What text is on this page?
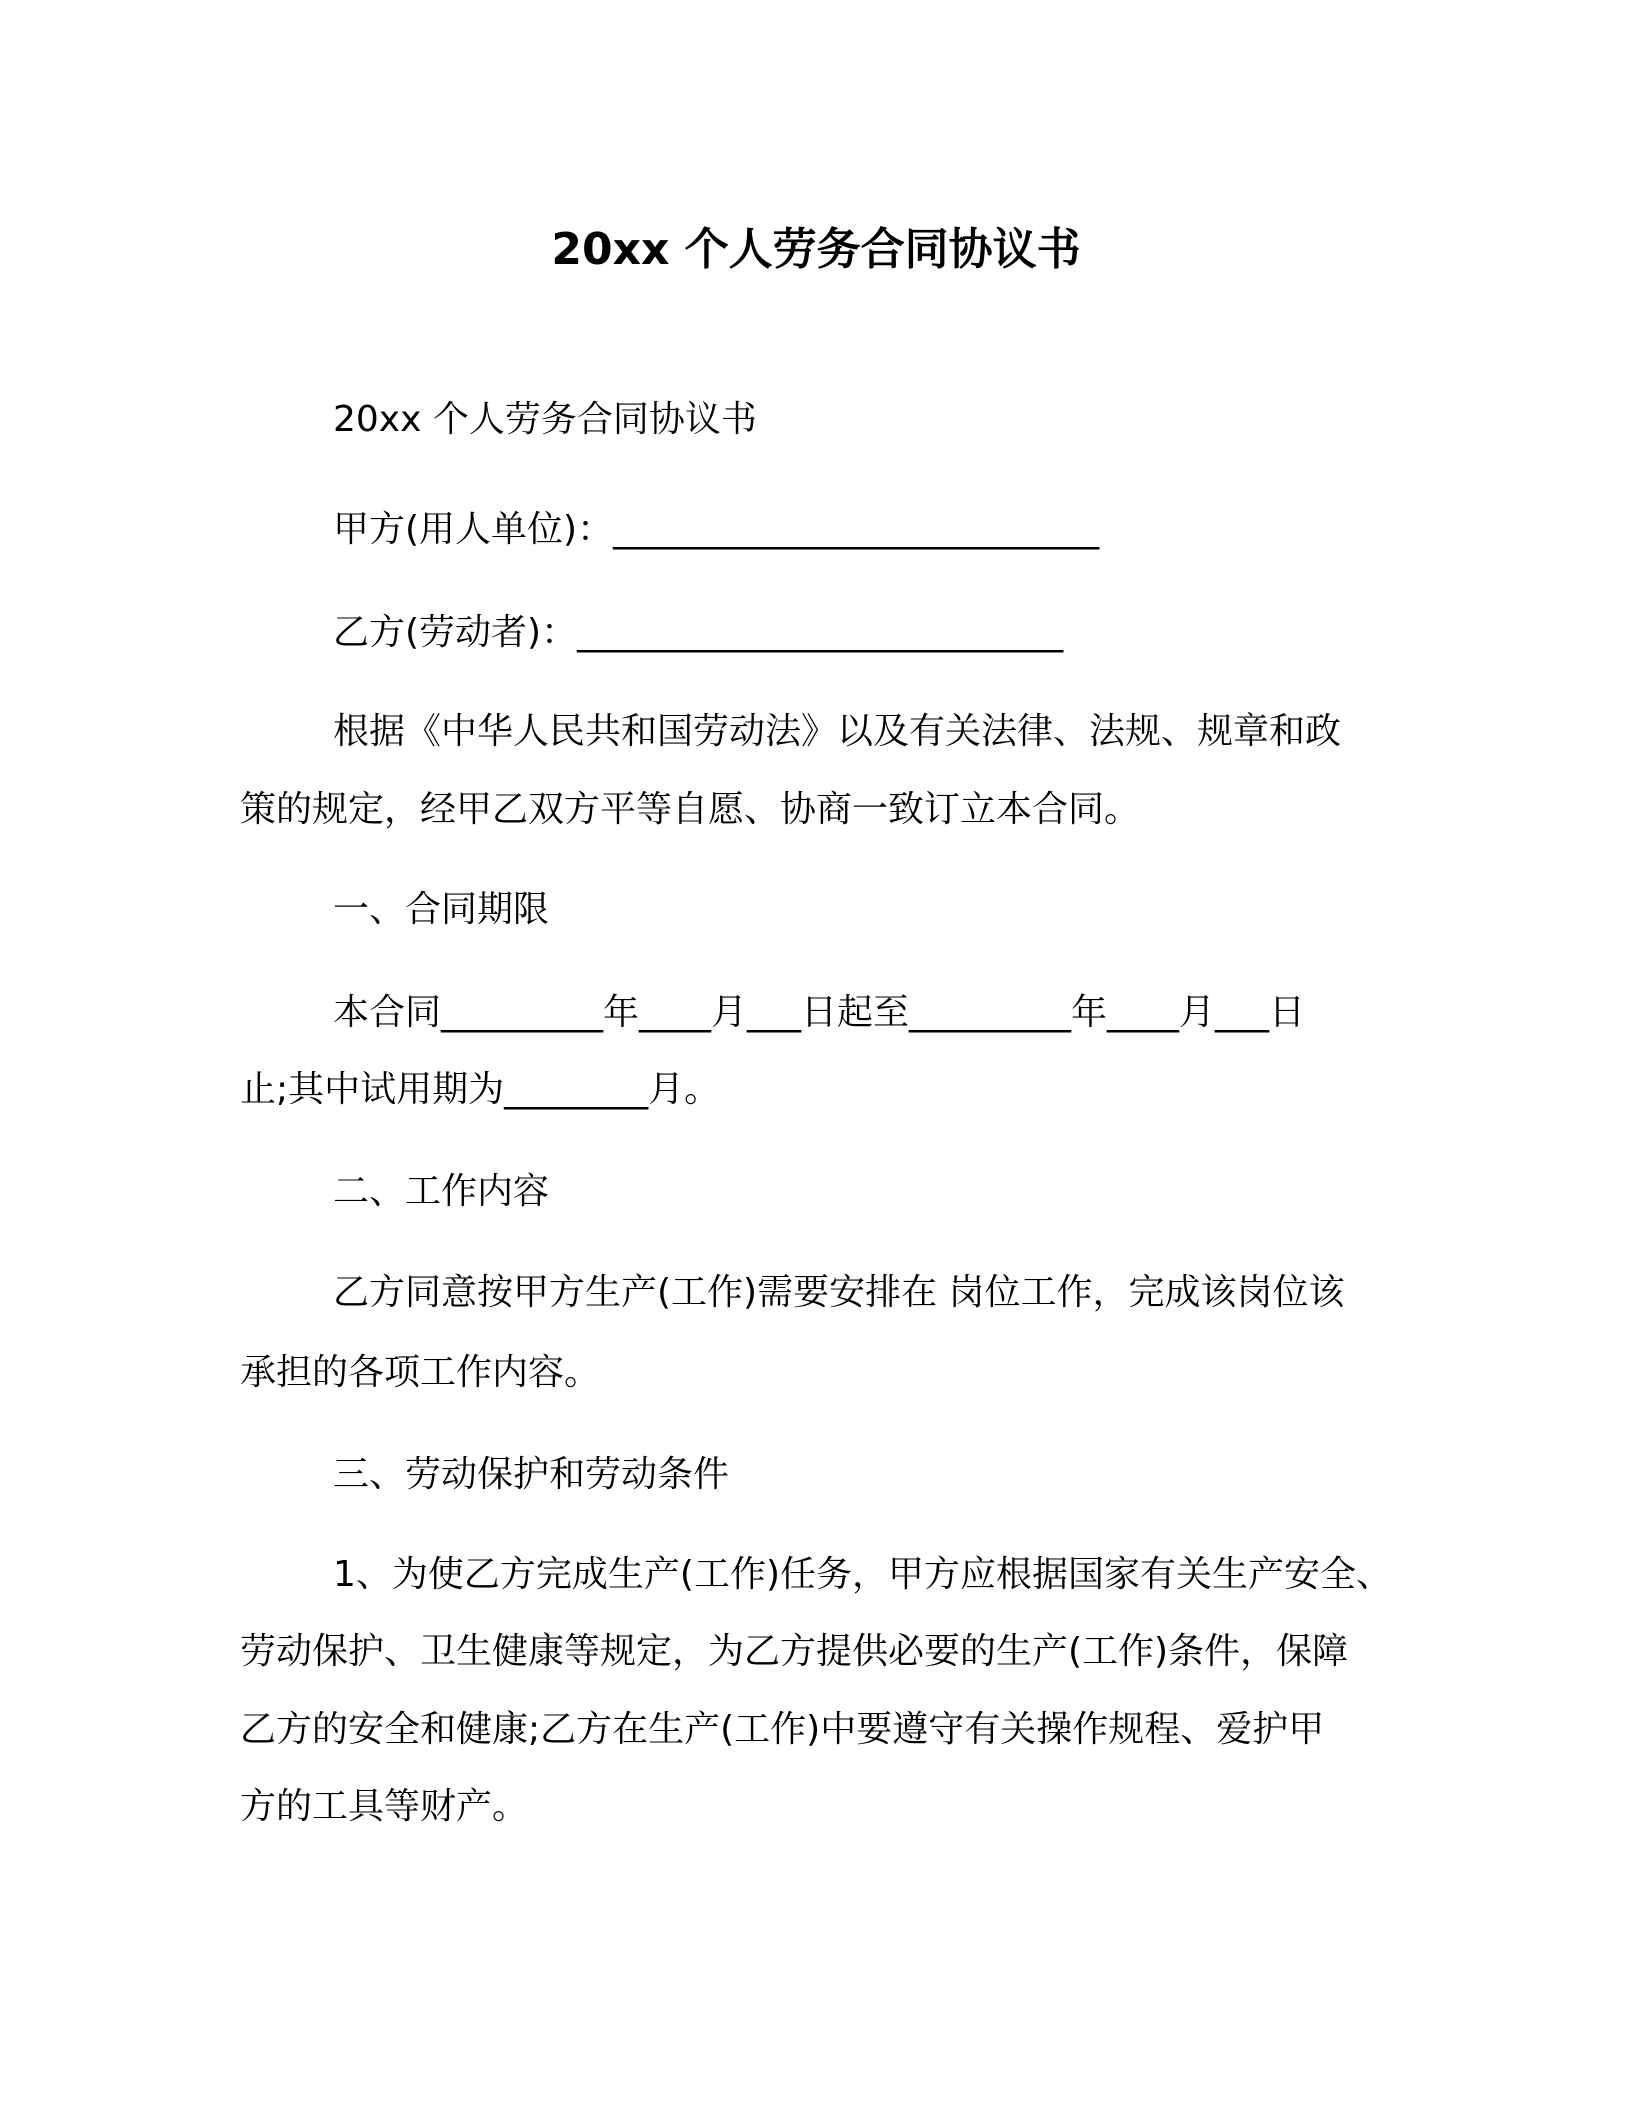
20xx 个人劳务合同协议书
20xx 个人劳务合同协议书
甲方(用人单位)：___________________________
乙方(劳动者)：___________________________
根据《中华人民共和国劳动法》以及有关法律、法规、规章和政
策的规定，经甲乙双方平等自愿、协商一致订立本合同。
一、合同期限
本合同_________年____月___日起至_________年____月___日
止;其中试用期为________月。
二、工作内容
乙方同意按甲方生产(工作)需要安排在 岗位工作，完成该岗位该
承担的各项工作内容。
三、劳动保护和劳动条件
1、为使乙方完成生产(工作)任务，甲方应根据国家有关生产安全、
劳动保护、卫生健康等规定，为乙方提供必要的生产(工作)条件，保障
乙方的安全和健康;乙方在生产(工作)中要遵守有关操作规程、爱护甲
方的工具等财产。
